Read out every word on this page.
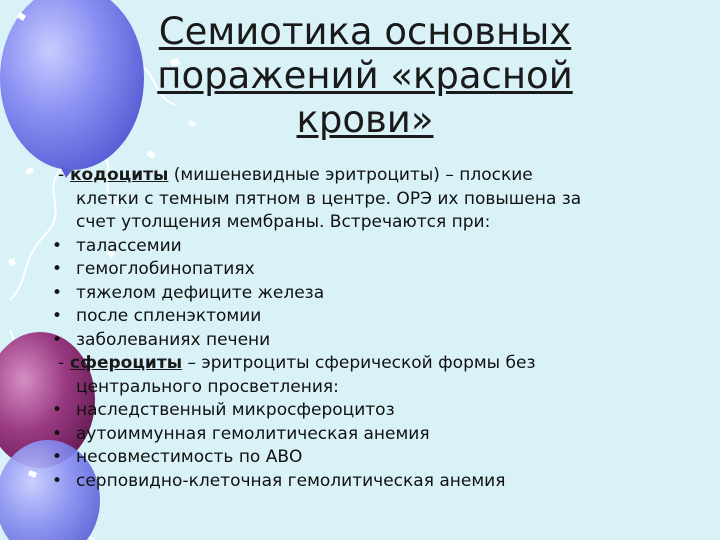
Семиотика основных
поражений «красной
крови»
- кодоциты (мишеневидные эритроциты) – плоские
клетки с темным пятном в центре. ОРЭ их повышена за
счет утолщения мембраны. Встречаются при:
• талассемии
• гемоглобинопатиях
• тяжелом дефиците железа
• после спленэктомии
• заболеваниях печени
- сфероциты – эритроциты сферической формы без
центрального просветления:
• наследственный микросфероцитоз
• аутоиммунная гемолитическая анемия
• несовместимость по АВО
• серповидно-клеточная гемолитическая анемия
